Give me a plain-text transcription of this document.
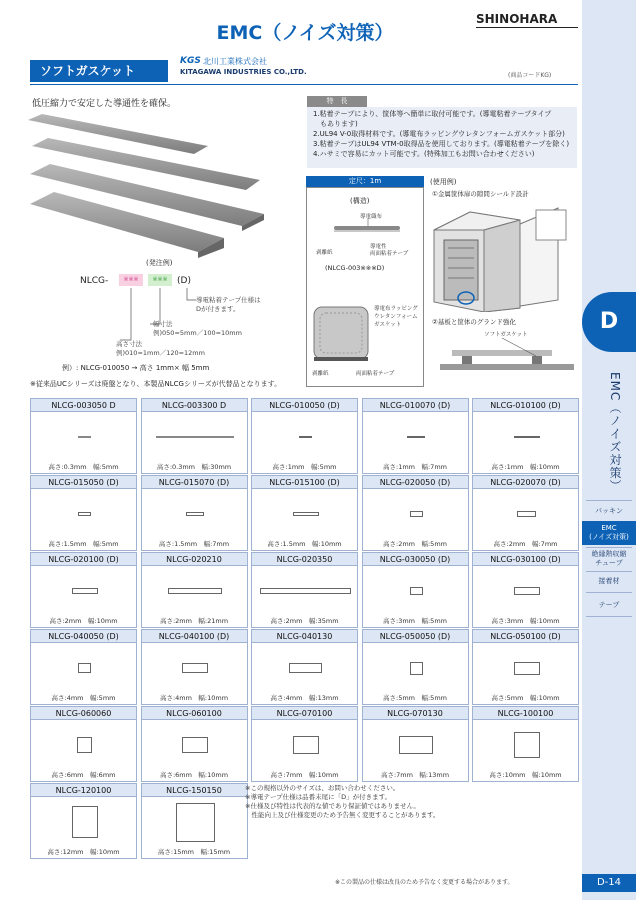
D
EMC（ノイズ対策）
パッキン
EMC
(ノイズ対策)
絶縁熱収縮
チューブ
接着材
テープ
D-14
EMC（ノイズ対策）
SHINOHARA
ソフトガスケット
KGS 北川工業株式会社
KITAGAWA INDUSTRIES CO.,LTD.	(商品コードKG)
低圧縮力で安定した導通性を確保。	特　長
1.粘着テープにより、筐体等へ簡単に取付可能です。(導電粘着テープタイプ
　もあります)
2.UL94 V-0取得材料です。(導電布ラッピングウレタンフォームガスケット部分)
3.粘着テープはUL94 VTM-0取得品を使用しております。(導電粘着テープを除く)
4.ハサミで容易にカット可能です。(特殊加工もお問い合わせください)
(発注例)
NLCG-	※※※	※※※	(D)
導電粘着テープ仕様は
Dが付きます。
幅寸法
例)050=5mm／100=10mm
高さ寸法
例)010=1mm／120=12mm
例）: NLCG-010050 → 高さ 1mm× 幅 5mm
※従来品UCシリーズは廃盤となり、本製品NLCGシリーズが代替品となります。
定尺：1m
(構造)
導電織布
剥離紙
導電性
両面粘着テープ
(NLCG-003※※※D)
導電布ラッピング
ウレタンフォーム
ガスケット
剥離紙	両面粘着テープ
(使用例)
①金属筐体扉の隙間シールド設計
②基板と筐体のグランド強化
ソフトガスケット
NLCG-003050 D
高さ:0.3mm　幅:5mm
NLCG-003300 D
高さ:0.3mm　幅:30mm
NLCG-010050 (D)
高さ:1mm　幅:5mm
NLCG-010070 (D)
高さ:1mm　幅:7mm
NLCG-010100 (D)
高さ:1mm　幅:10mm
NLCG-015050 (D)
高さ:1.5mm　幅:5mm
NLCG-015070 (D)
高さ:1.5mm　幅:7mm
NLCG-015100 (D)
高さ:1.5mm　幅:10mm
NLCG-020050 (D)
高さ:2mm　幅:5mm
NLCG-020070 (D)
高さ:2mm　幅:7mm
NLCG-020100 (D)
高さ:2mm　幅:10mm
NLCG-020210
高さ:2mm　幅:21mm
NLCG-020350
高さ:2mm　幅:35mm
NLCG-030050 (D)
高さ:3mm　幅:5mm
NLCG-030100 (D)
高さ:3mm　幅:10mm
NLCG-040050 (D)
高さ:4mm　幅:5mm
NLCG-040100 (D)
高さ:4mm　幅:10mm
NLCG-040130
高さ:4mm　幅:13mm
NLCG-050050 (D)
高さ:5mm　幅:5mm
NLCG-050100 (D)
高さ:5mm　幅:10mm
NLCG-060060
高さ:6mm　幅:6mm
NLCG-060100
高さ:6mm　幅:10mm
NLCG-070100
高さ:7mm　幅:10mm
NLCG-070130
高さ:7mm　幅:13mm
NLCG-100100
高さ:10mm　幅:10mm
NLCG-120100
高さ:12mm　幅:10mm
NLCG-150150
高さ:15mm　幅:15mm
※この規格以外のサイズは、お問い合わせください。
※導電テープ仕様は品番末尾に「D」が付きます。
※仕様及び特性は代表的な値であり保証値ではありません。
　性能向上及び仕様変更のため予告無く変更することがあります。
※この製品の仕様は改良のため予告なく変更する場合があります。
